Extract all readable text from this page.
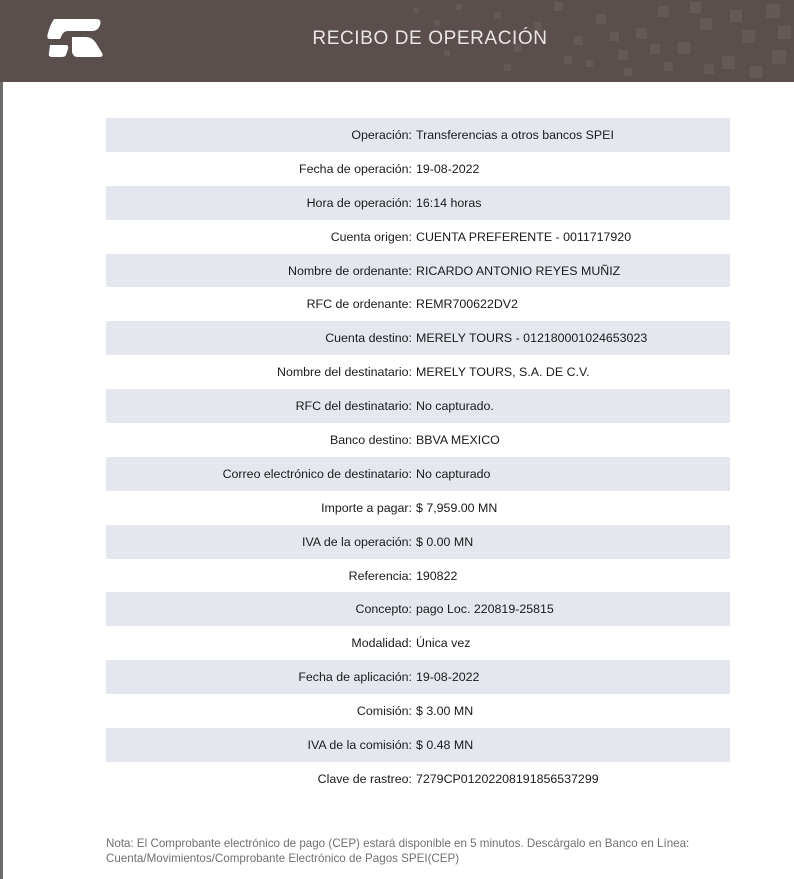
RECIBO DE OPERACIÓN
Operación: Transferencias a otros bancos SPEI
Fecha de operación: 19-08-2022
Hora de operación: 16:14 horas
Cuenta origen: CUENTA PREFERENTE - 0011717920
Nombre de ordenante: RICARDO ANTONIO REYES MUÑIZ
RFC de ordenante: REMR700622DV2
Cuenta destino: MERELY TOURS - 012180001024653023
Nombre del destinatario: MERELY TOURS, S.A. DE C.V.
RFC del destinatario: No capturado.
Banco destino: BBVA MEXICO
Correo electrónico de destinatario: No capturado
Importe a pagar: $ 7,959.00 MN
IVA de la operación: $ 0.00 MN
Referencia: 190822
Concepto: pago Loc. 220819-25815
Modalidad: Única vez
Fecha de aplicación: 19-08-2022
Comisión: $ 3.00 MN
IVA de la comisión: $ 0.48 MN
Clave de rastreo: 7279CP01202208191856537299
Nota: El Comprobante electrónico de pago (CEP) estará disponible en 5 minutos. Descárgalo en Banco en Línea:
Cuenta/Movimientos/Comprobante Electrónico de Pagos SPEI(CEP)
